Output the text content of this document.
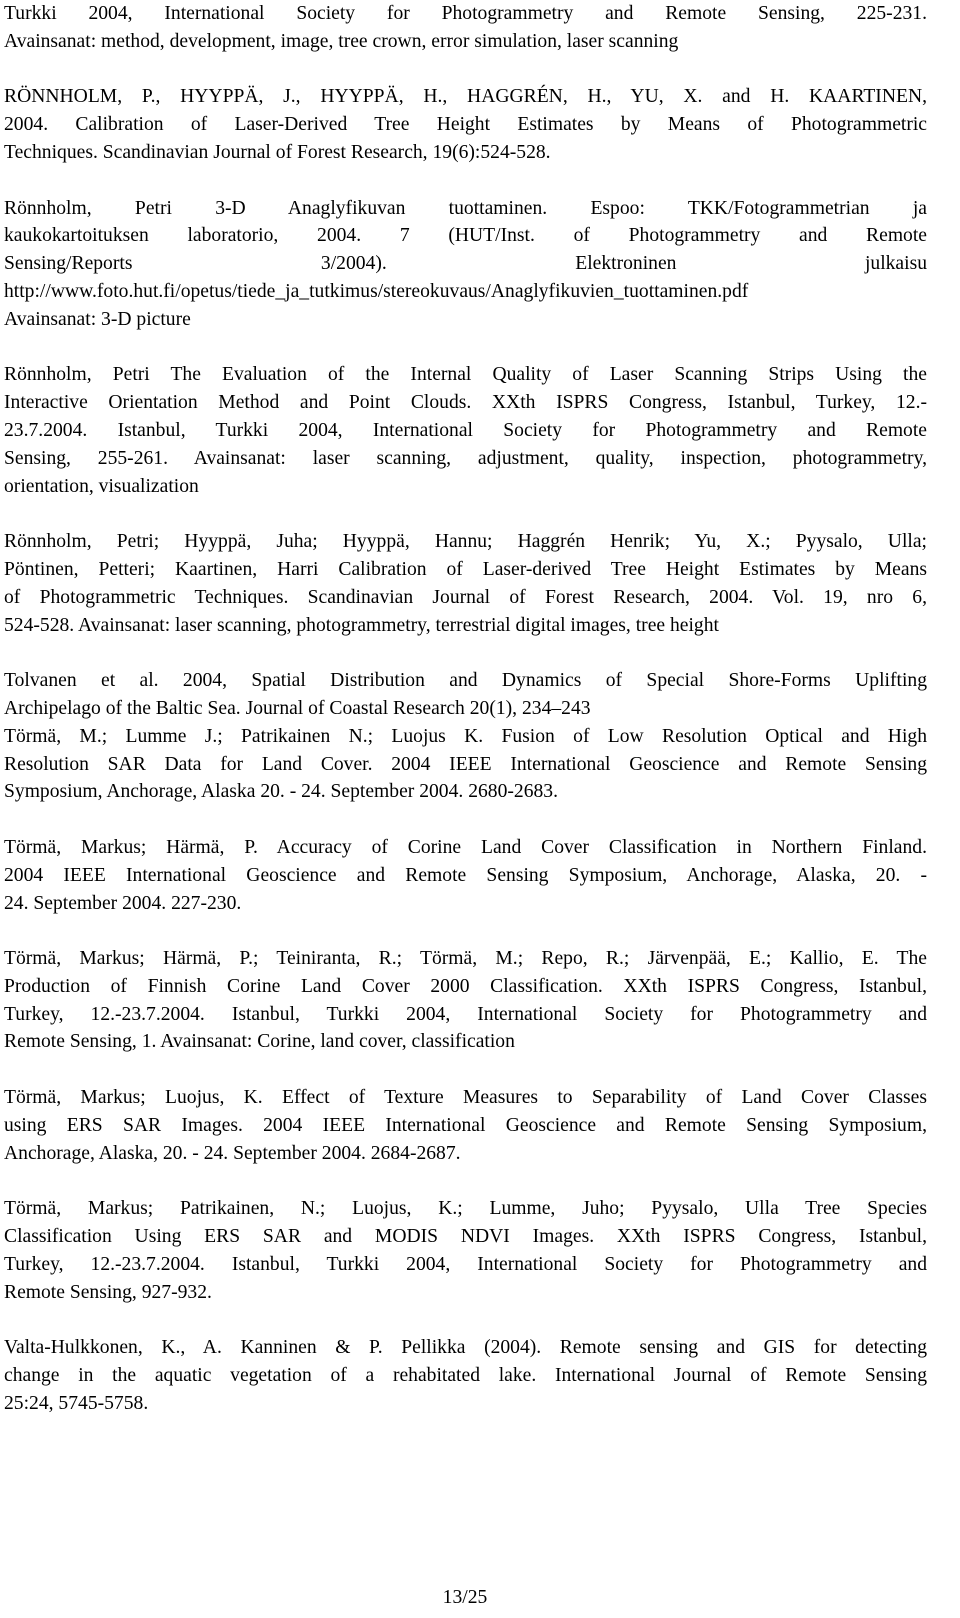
Turkki 2004, International Society for Photogrammetry and Remote Sensing, 225-231.
Avainsanat: method, development, image, tree crown, error simulation, laser scanning
RÖNNHOLM, P., HYYPPÄ, J., HYYPPÄ, H., HAGGRÉN, H., YU, X. and H. KAARTINEN,
2004. Calibration of Laser-Derived Tree Height Estimates by Means of Photogrammetric
Techniques. Scandinavian Journal of Forest Research, 19(6):524-528.
Rönnholm, Petri 3-D Anaglyfikuvan tuottaminen. Espoo: TKK/Fotogrammetrian ja
kaukokartoituksen laboratorio, 2004. 7 (HUT/Inst. of Photogrammetry and Remote
Sensing/Reports 3/2004). Elektroninen julkaisu
http://www.foto.hut.fi/opetus/tiede_ja_tutkimus/stereokuvaus/Anaglyfikuvien_tuottaminen.pdf
Avainsanat: 3-D picture
Rönnholm, Petri The Evaluation of the Internal Quality of Laser Scanning Strips Using the
Interactive Orientation Method and Point Clouds. XXth ISPRS Congress, Istanbul, Turkey, 12.-
23.7.2004. Istanbul, Turkki 2004, International Society for Photogrammetry and Remote
Sensing, 255-261. Avainsanat: laser scanning, adjustment, quality, inspection, photogrammetry,
orientation, visualization
Rönnholm, Petri; Hyyppä, Juha; Hyyppä, Hannu; Haggrén Henrik; Yu, X.; Pyysalo, Ulla;
Pöntinen, Petteri; Kaartinen, Harri Calibration of Laser-derived Tree Height Estimates by Means
of Photogrammetric Techniques. Scandinavian Journal of Forest Research, 2004. Vol. 19, nro 6,
524-528. Avainsanat: laser scanning, photogrammetry, terrestrial digital images, tree height
Tolvanen et al. 2004, Spatial Distribution and Dynamics of Special Shore-Forms Uplifting
Archipelago of the Baltic Sea. Journal of Coastal Research 20(1), 234–243
Törmä, M.; Lumme J.; Patrikainen N.; Luojus K. Fusion of Low Resolution Optical and High
Resolution SAR Data for Land Cover. 2004 IEEE International Geoscience and Remote Sensing
Symposium, Anchorage, Alaska 20. - 24. September 2004. 2680-2683.
Törmä, Markus; Härmä, P. Accuracy of Corine Land Cover Classification in Northern Finland.
2004 IEEE International Geoscience and Remote Sensing Symposium, Anchorage, Alaska, 20. -
24. September 2004. 227-230.
Törmä, Markus; Härmä, P.; Teiniranta, R.; Törmä, M.; Repo, R.; Järvenpää, E.; Kallio, E. The
Production of Finnish Corine Land Cover 2000 Classification. XXth ISPRS Congress, Istanbul,
Turkey, 12.-23.7.2004. Istanbul, Turkki 2004, International Society for Photogrammetry and
Remote Sensing, 1. Avainsanat: Corine, land cover, classification
Törmä, Markus; Luojus, K. Effect of Texture Measures to Separability of Land Cover Classes
using ERS SAR Images. 2004 IEEE International Geoscience and Remote Sensing Symposium,
Anchorage, Alaska, 20. - 24. September 2004. 2684-2687.
Törmä, Markus; Patrikainen, N.; Luojus, K.; Lumme, Juho; Pyysalo, Ulla Tree Species
Classification Using ERS SAR and MODIS NDVI Images. XXth ISPRS Congress, Istanbul,
Turkey, 12.-23.7.2004. Istanbul, Turkki 2004, International Society for Photogrammetry and
Remote Sensing, 927-932.
Valta-Hulkkonen, K., A. Kanninen & P. Pellikka (2004). Remote sensing and GIS for detecting
change in the aquatic vegetation of a rehabitated lake. International Journal of Remote Sensing
25:24, 5745-5758.
13/25
